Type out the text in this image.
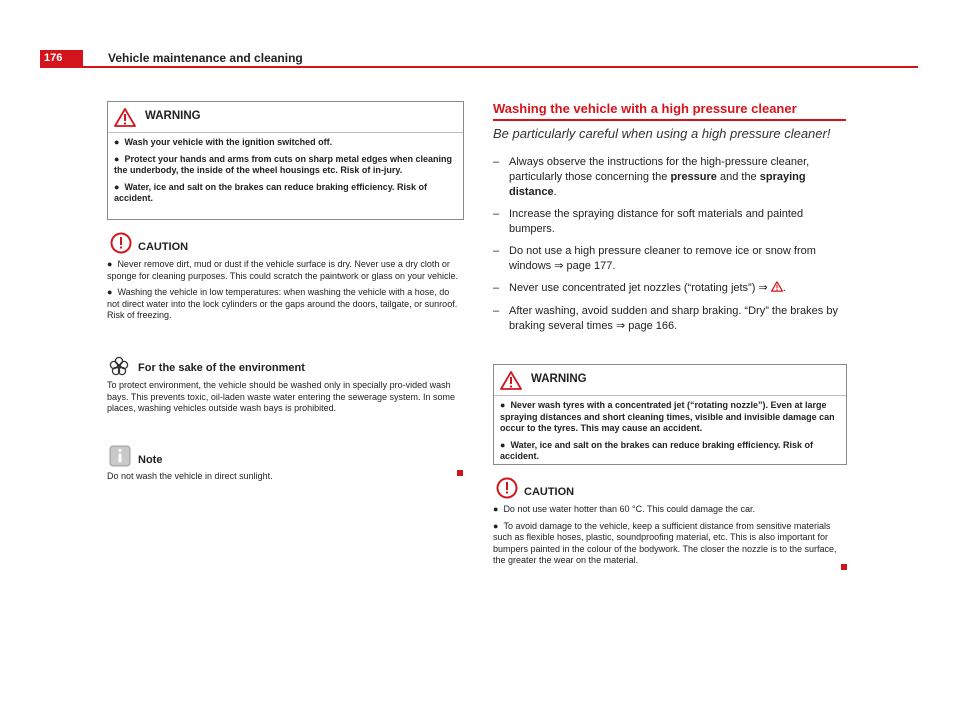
176	Vehicle maintenance and cleaning
WARNING

● Wash your vehicle with the ignition switched off.

● Protect your hands and arms from cuts on sharp metal edges when cleaning the underbody, the inside of the wheel housings etc. Risk of in-jury.

● Water, ice and salt on the brakes can reduce braking efficiency. Risk of accident.

CAUTION

● Never remove dirt, mud or dust if the vehicle surface is dry. Never use a dry cloth or sponge for cleaning purposes. This could scratch the paintwork or glass on your vehicle.

● Washing the vehicle in low temperatures: when washing the vehicle with a hose, do not direct water into the lock cylinders or the gaps around the doors, tailgate, or sunroof. Risk of freezing.

For the sake of the environment

To protect environment, the vehicle should be washed only in specially pro-vided wash bays. This prevents toxic, oil-laden waste water entering the sewerage system. In some places, washing vehicles outside wash bays is prohibited.

Note

Do not wash the vehicle in direct sunlight.

Washing the vehicle with a high pressure cleaner
Be particularly careful when using a high pressure cleaner!
– Always observe the instructions for the high-pressure cleaner, particularly those concerning the pressure and the spraying distance.
– Increase the spraying distance for soft materials and painted bumpers.
– Do not use a high pressure cleaner to remove ice or snow from windows ⇒ page 177.
– Never use concentrated jet nozzles (“rotating jets”) ⇒ .
– After washing, avoid sudden and sharp braking. “Dry” the brakes by braking several times ⇒ page 166.
WARNING

● Never wash tyres with a concentrated jet (“rotating nozzle”). Even at large spraying distances and short cleaning times, visible and invisible damage can occur to the tyres. This may cause an accident.

● Water, ice and salt on the brakes can reduce braking efficiency. Risk of accident.

CAUTION

● Do not use water hotter than 60 °C. This could damage the car.

● To avoid damage to the vehicle, keep a sufficient distance from sensitive materials such as flexible hoses, plastic, soundproofing material, etc. This is also important for bumpers painted in the colour of the bodywork. The closer the nozzle is to the surface, the greater the wear on the material.
